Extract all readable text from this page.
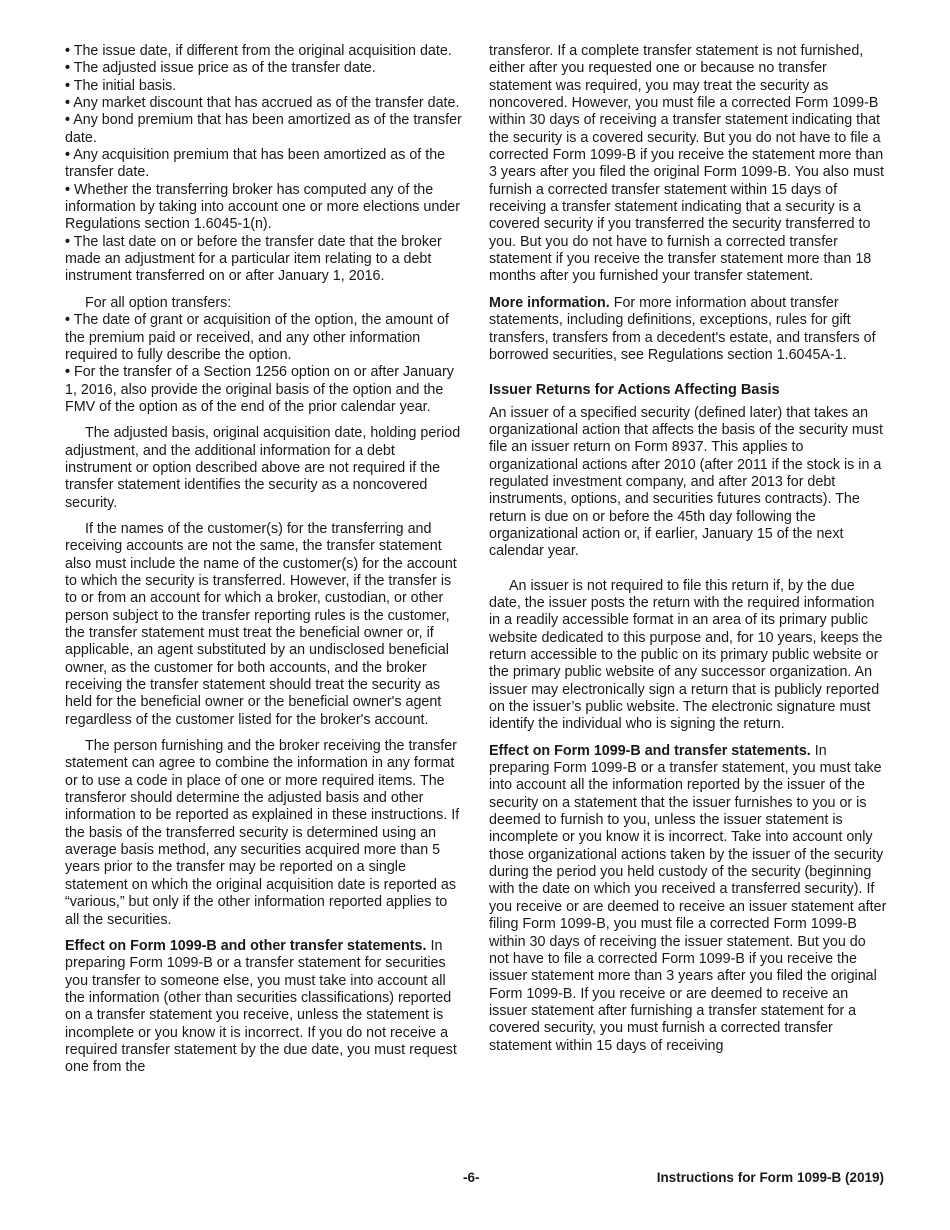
• The issue date, if different from the original acquisition date.

• The adjusted issue price as of the transfer date.

• The initial basis.

• Any market discount that has accrued as of the transfer date.

• Any bond premium that has been amortized as of the transfer date.

• Any acquisition premium that has been amortized as of the transfer date.

• Whether the transferring broker has computed any of the information by taking into account one or more elections under Regulations section 1.6045-1(n).

• The last date on or before the transfer date that the broker made an adjustment for a particular item relating to a debt instrument transferred on or after January 1, 2016.

For all option transfers:

• The date of grant or acquisition of the option, the amount of the premium paid or received, and any other information required to fully describe the option.

• For the transfer of a Section 1256 option on or after January 1, 2016, also provide the original basis of the option and the FMV of the option as of the end of the prior calendar year.

The adjusted basis, original acquisition date, holding period adjustment, and the additional information for a debt instrument or option described above are not required if the transfer statement identifies the security as a noncovered security.

If the names of the customer(s) for the transferring and receiving accounts are not the same, the transfer statement also must include the name of the customer(s) for the account to which the security is transferred. However, if the transfer is to or from an account for which a broker, custodian, or other person subject to the transfer reporting rules is the customer, the transfer statement must treat the beneficial owner or, if applicable, an agent substituted by an undisclosed beneficial owner, as the customer for both accounts, and the broker receiving the transfer statement should treat the security as held for the beneficial owner or the beneficial owner's agent regardless of the customer listed for the broker's account.

The person furnishing and the broker receiving the transfer statement can agree to combine the information in any format or to use a code in place of one or more required items. The transferor should determine the adjusted basis and other information to be reported as explained in these instructions. If the basis of the transferred security is determined using an average basis method, any securities acquired more than 5 years prior to the transfer may be reported on a single statement on which the original acquisition date is reported as “various,” but only if the other information reported applies to all the securities.

Effect on Form 1099-B and other transfer statements. In preparing Form 1099-B or a transfer statement for securities you transfer to someone else, you must take into account all the information (other than securities classifications) reported on a transfer statement you receive, unless the statement is incomplete or you know it is incorrect. If you do not receive a required transfer statement by the due date, you must request one from the

transferor. If a complete transfer statement is not furnished, either after you requested one or because no transfer statement was required, you may treat the security as noncovered. However, you must file a corrected Form 1099-B within 30 days of receiving a transfer statement indicating that the security is a covered security. But you do not have to file a corrected Form 1099-B if you receive the statement more than 3 years after you filed the original Form 1099-B. You also must furnish a corrected transfer statement within 15 days of receiving a transfer statement indicating that a security is a covered security if you transferred the security transferred to you. But you do not have to furnish a corrected transfer statement if you receive the transfer statement more than 18 months after you furnished your transfer statement.

More information. For more information about transfer statements, including definitions, exceptions, rules for gift transfers, transfers from a decedent's estate, and transfers of borrowed securities, see Regulations section 1.6045A-1.

Issuer Returns for Actions Affecting Basis

An issuer of a specified security (defined later) that takes an organizational action that affects the basis of the security must file an issuer return on Form 8937. This applies to organizational actions after 2010 (after 2011 if the stock is in a regulated investment company, and after 2013 for debt instruments, options, and securities futures contracts). The return is due on or before the 45th day following the organizational action or, if earlier, January 15 of the next calendar year.

An issuer is not required to file this return if, by the due date, the issuer posts the return with the required information in a readily accessible format in an area of its primary public website dedicated to this purpose and, for 10 years, keeps the return accessible to the public on its primary public website or the primary public website of any successor organization. An issuer may electronically sign a return that is publicly reported on the issuer’s public website. The electronic signature must identify the individual who is signing the return.

Effect on Form 1099-B and transfer statements. In preparing Form 1099-B or a transfer statement, you must take into account all the information reported by the issuer of the security on a statement that the issuer furnishes to you or is deemed to furnish to you, unless the issuer statement is incomplete or you know it is incorrect. Take into account only those organizational actions taken by the issuer of the security during the period you held custody of the security (beginning with the date on which you received a transferred security). If you receive or are deemed to receive an issuer statement after filing Form 1099-B, you must file a corrected Form 1099-B within 30 days of receiving the issuer statement. But you do not have to file a corrected Form 1099-B if you receive the issuer statement more than 3 years after you filed the original Form 1099-B. If you receive or are deemed to receive an issuer statement after furnishing a transfer statement for a covered security, you must furnish a corrected transfer statement within 15 days of receiving

-6-	Instructions for Form 1099-B (2019)
